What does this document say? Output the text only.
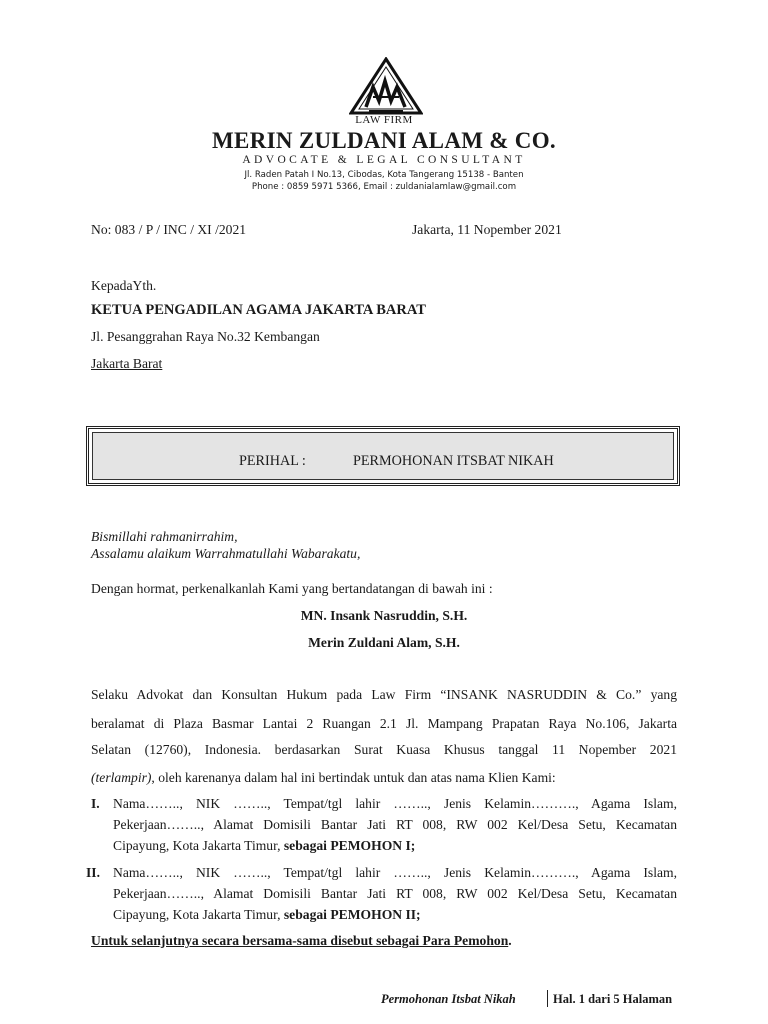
LAW FIRM
MERIN ZULDANI ALAM & CO.
ADVOCATE & LEGAL CONSULTANT
Jl. Raden Patah I No.13, Cibodas, Kota Tangerang 15138 - Banten
Phone : 0859 5971 5366, Email : zuldanialamlaw@gmail.com
No: 083 / P / INC / XI /2021	Jakarta, 11 Nopember 2021
KepadaYth.
KETUA PENGADILAN AGAMA JAKARTA BARAT
Jl. Pesanggrahan Raya No.32 Kembangan
Jakarta Barat
PERIHAL :	PERMOHONAN ITSBAT NIKAH
Bismillahi rahmanirrahim,
Assalamu alaikum Warrahmatullahi Wabarakatu,
Dengan hormat, perkenalkanlah Kami yang bertandatangan di bawah ini :
MN. Insank Nasruddin, S.H.
Merin Zuldani Alam, S.H.
Selaku Advokat dan Konsultan Hukum pada Law Firm “INSANK NASRUDDIN & Co.” yang
beralamat di Plaza Basmar Lantai 2 Ruangan 2.1 Jl. Mampang Prapatan Raya No.106, Jakarta
Selatan (12760), Indonesia. berdasarkan Surat Kuasa Khusus tanggal 11 Nopember 2021
(terlampir), oleh karenanya dalam hal ini bertindak untuk dan atas nama Klien Kami:
I. Nama…….., NIK …….., Tempat/tgl lahir …….., Jenis Kelamin………., Agama Islam,
Pekerjaan…….., Alamat Domisili Bantar Jati RT 008, RW 002 Kel/Desa Setu, Kecamatan
Cipayung, Kota Jakarta Timur, sebagai PEMOHON I;
II. Nama…….., NIK …….., Tempat/tgl lahir …….., Jenis Kelamin………., Agama Islam,
Pekerjaan…….., Alamat Domisili Bantar Jati RT 008, RW 002 Kel/Desa Setu, Kecamatan
Cipayung, Kota Jakarta Timur, sebagai PEMOHON II;
Untuk selanjutnya secara bersama-sama disebut sebagai Para Pemohon.
Permohonan Itsbat Nikah	Hal. 1 dari 5 Halaman
